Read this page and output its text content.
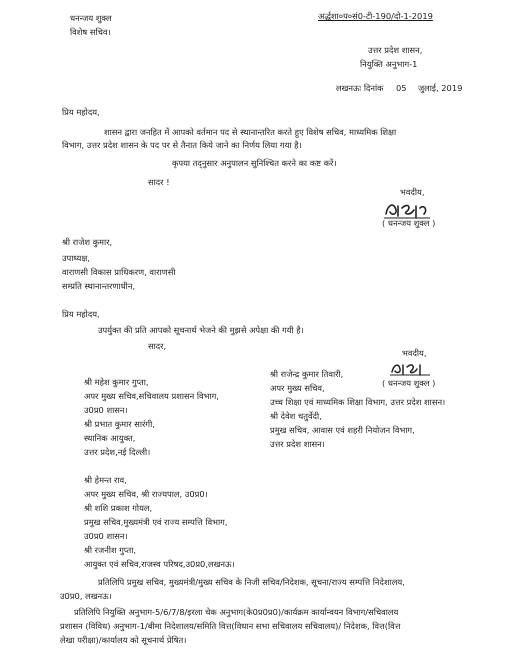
धनन्जय शुक्ल
विशेष सचिव।
अर्द्धशा०प०सं0-टी-190/दो-1-2019
उत्तर प्रदेश शासन,
नियुक्ति अनुभाग-1
लखनऊः दिनांक 05 जुलाई, 2019
प्रिय महोदय,
शासन द्वारा जनहित में आपको वर्तमान पद से स्थानान्तरित करते हुए विशेष सचिव, माध्यमिक शिक्षा
विभाग, उत्तर प्रदेश शासन के पद पर से तैनात किये जाने का निर्णय लिया गया है।
कृपया तद्नुसार अनुपालन सुनिश्चित करने का कष्ट करें।
सादर !
भवदीय,
( धनन्जय शुक्ल )
श्री राजेश कुमार,
उपाध्यक्ष,
वाराणसी विकास प्राधिकरण, वाराणसी
सम्प्रति स्थानान्तरणाधीन,
प्रिय महोदय,
उपर्युक्त की प्रति आपको सूचनार्थ भेजने की मुझसे अपेक्षा की गयी है।
सादर,
भवदीय,
( धनन्जय शुक्ल )
श्री महेश कुमार गुप्ता,
अपर मुख्य सचिव,सचिवालय प्रशासन विभाग,
उ0प्र0 शासन।
श्री प्रभात कुमार सारंगी,
स्थानिक आयुक्त,
उत्तर प्रदेश,नई दिल्ली।
श्री हेमन्त राव,
अपर मुख्य सचिव, श्री राज्यपाल, उ0प्र0।
श्री शशि प्रकाश गोयल,
प्रमुख सचिव,मुख्यमंत्री एवं राज्य सम्पत्ति विभाग,
उ0प्र0 शासन।
श्री रजनीश गुप्ता,
आयुक्त एवं सचिव,राजस्व परिषद,उ0प्र0,लखनऊ।
श्री राजेन्द्र कुमार तिवारी,
अपर मुख्य सचिव,
उच्च शिक्षा एवं माध्यमिक शिक्षा विभाग, उत्तर प्रदेश शासन।
श्री देवेश चतुर्वेदी,
प्रमुख सचिव, आवास एवं शहरी नियोजन विभाग,
उत्तर प्रदेश शासन।
प्रतिलिपि प्रमुख सचिव, मुख्यमंत्री/मुख्य सचिव के निजी सचिव/निदेशक, सूचना/राज्य सम्पत्ति निदेशालय,
उ0प्र0, लखनऊ।
प्रतिलिपि नियुक्ति अनुभाग-5/6/7/8/इरला चेक अनुभाग(के0प्र0प्र0)/कार्यक्रम कार्यान्वयन विभाग/सचिवालय
प्रशासन (विविध) अनुभाग-1/बीमा निदेशालय/समिति वित्त(विधान सभा सचिवालय सचिवालय)/ निदेशक, वित्त(वित्त
लेखा परीक्षा)/कार्यालय को सूचनार्थ प्रेषित।
